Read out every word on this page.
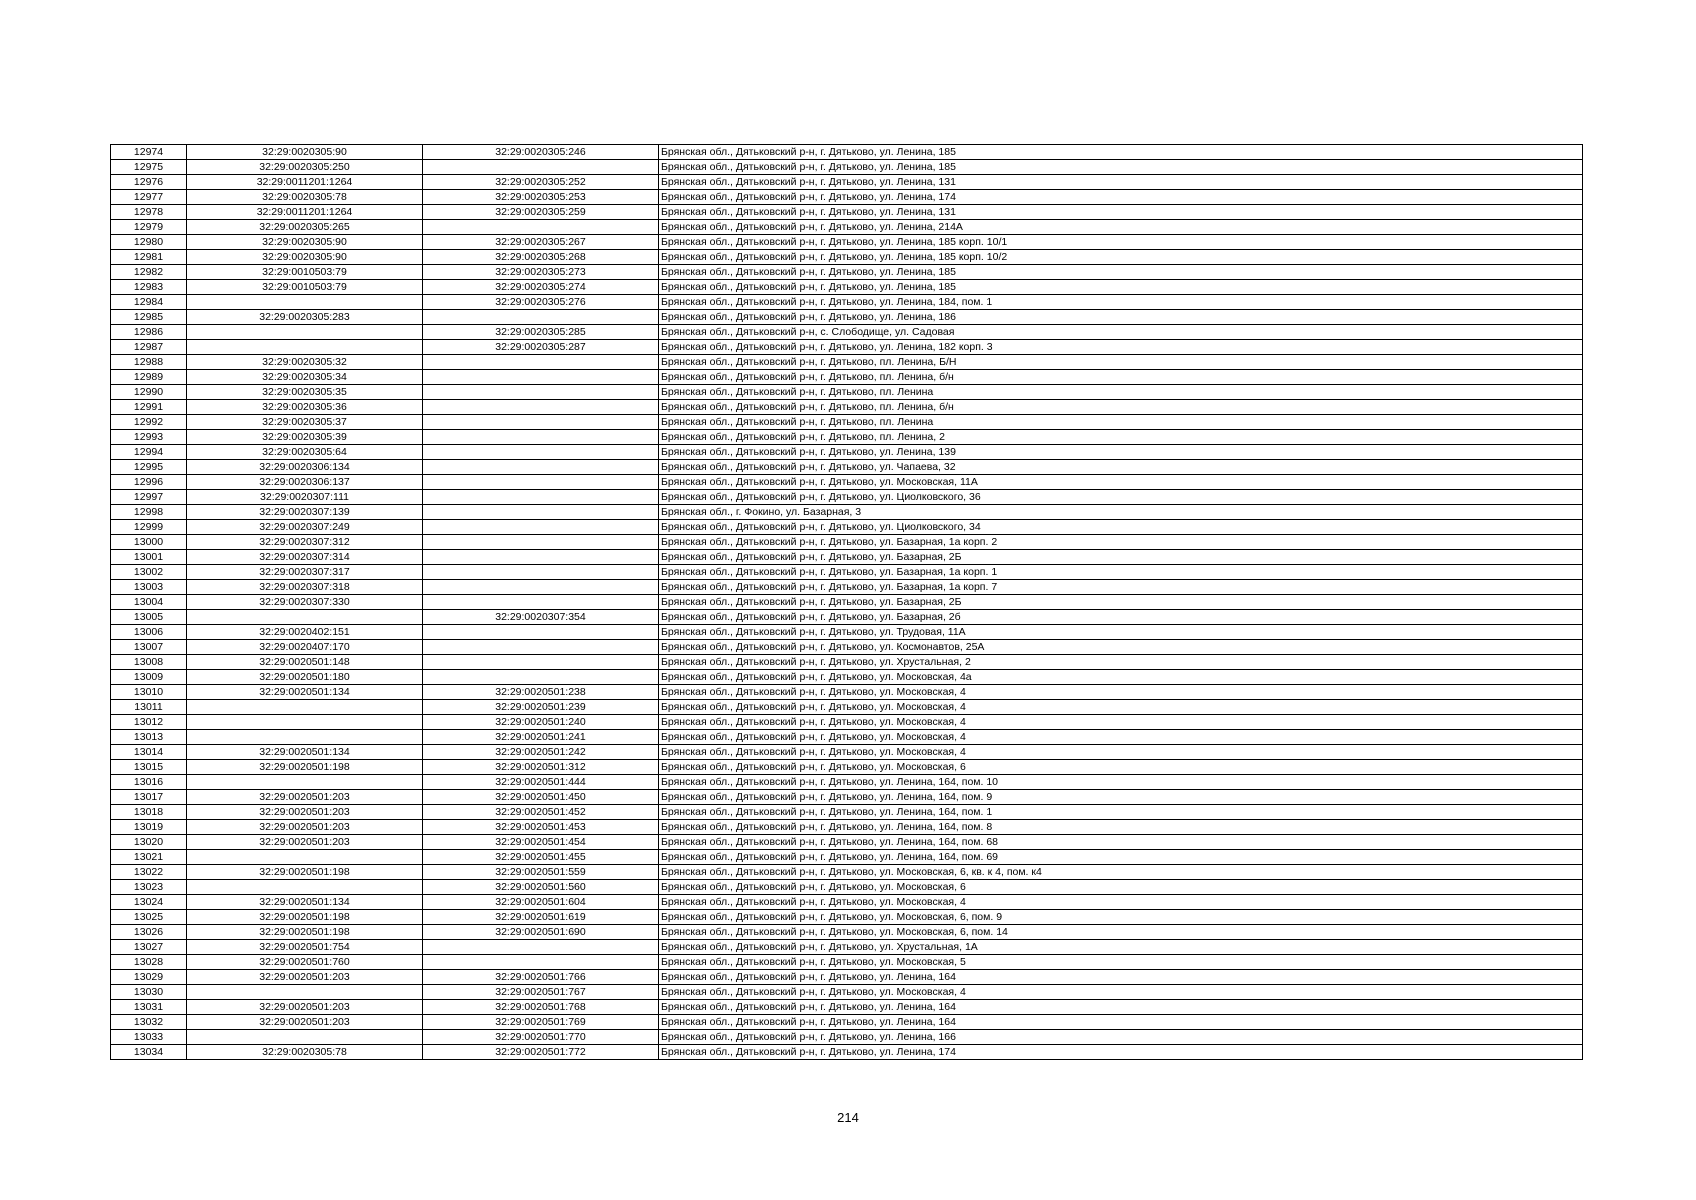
12974	32:29:0020305:90	32:29:0020305:246	Брянская обл., Дятьковский р-н, г. Дятьково, ул. Ленина, 185
12975	32:29:0020305:250		Брянская обл., Дятьковский р-н, г. Дятьково, ул. Ленина, 185
12976	32:29:0011201:1264	32:29:0020305:252	Брянская обл., Дятьковский р-н, г. Дятьково, ул. Ленина, 131
12977	32:29:0020305:78	32:29:0020305:253	Брянская обл., Дятьковский р-н, г. Дятьково, ул. Ленина, 174
12978	32:29:0011201:1264	32:29:0020305:259	Брянская обл., Дятьковский р-н, г. Дятьково, ул. Ленина, 131
12979	32:29:0020305:265		Брянская обл., Дятьковский р-н, г. Дятьково, ул. Ленина, 214А
12980	32:29:0020305:90	32:29:0020305:267	Брянская обл., Дятьковский р-н, г. Дятьково, ул. Ленина, 185 корп. 10/1
12981	32:29:0020305:90	32:29:0020305:268	Брянская обл., Дятьковский р-н, г. Дятьково, ул. Ленина, 185 корп. 10/2
12982	32:29:0010503:79	32:29:0020305:273	Брянская обл., Дятьковский р-н, г. Дятьково, ул. Ленина, 185
12983	32:29:0010503:79	32:29:0020305:274	Брянская обл., Дятьковский р-н, г. Дятьково, ул. Ленина, 185
12984		32:29:0020305:276	Брянская обл., Дятьковский р-н, г. Дятьково, ул. Ленина, 184, пом. 1
12985	32:29:0020305:283		Брянская обл., Дятьковский р-н, г. Дятьково, ул. Ленина, 186
12986		32:29:0020305:285	Брянская обл., Дятьковский р-н, с. Слободище, ул. Садовая
12987		32:29:0020305:287	Брянская обл., Дятьковский р-н, г. Дятьково, ул. Ленина, 182 корп. 3
12988	32:29:0020305:32		Брянская обл., Дятьковский р-н, г. Дятьково, пл. Ленина, Б/Н
12989	32:29:0020305:34		Брянская обл., Дятьковский р-н, г. Дятьково, пл. Ленина, б/н
12990	32:29:0020305:35		Брянская обл., Дятьковский р-н, г. Дятьково, пл. Ленина
12991	32:29:0020305:36		Брянская обл., Дятьковский р-н, г. Дятьково, пл. Ленина, б/н
12992	32:29:0020305:37		Брянская обл., Дятьковский р-н, г. Дятьково, пл. Ленина
12993	32:29:0020305:39		Брянская обл., Дятьковский р-н, г. Дятьково, пл. Ленина, 2
12994	32:29:0020305:64		Брянская обл., Дятьковский р-н, г. Дятьково, ул. Ленина, 139
12995	32:29:0020306:134		Брянская обл., Дятьковский р-н, г. Дятьково, ул. Чапаева, 32
12996	32:29:0020306:137		Брянская обл., Дятьковский р-н, г. Дятьково, ул. Московская, 11А
12997	32:29:0020307:111		Брянская обл., Дятьковский р-н, г. Дятьково, ул. Циолковского, 36
12998	32:29:0020307:139		Брянская обл., г. Фокино, ул. Базарная, 3
12999	32:29:0020307:249		Брянская обл., Дятьковский р-н, г. Дятьково, ул. Циолковского, 34
13000	32:29:0020307:312		Брянская обл., Дятьковский р-н, г. Дятьково, ул. Базарная, 1а корп. 2
13001	32:29:0020307:314		Брянская обл., Дятьковский р-н, г. Дятьково, ул. Базарная, 2Б
13002	32:29:0020307:317		Брянская обл., Дятьковский р-н, г. Дятьково, ул. Базарная, 1а корп. 1
13003	32:29:0020307:318		Брянская обл., Дятьковский р-н, г. Дятьково, ул. Базарная, 1а корп. 7
13004	32:29:0020307:330		Брянская обл., Дятьковский р-н, г. Дятьково, ул. Базарная, 2Б
13005		32:29:0020307:354	Брянская обл., Дятьковский р-н, г. Дятьково, ул. Базарная, 2б
13006	32:29:0020402:151		Брянская обл., Дятьковский р-н, г. Дятьково, ул. Трудовая, 11А
13007	32:29:0020407:170		Брянская обл., Дятьковский р-н, г. Дятьково, ул. Космонавтов, 25А
13008	32:29:0020501:148		Брянская обл., Дятьковский р-н, г. Дятьково, ул. Хрустальная, 2
13009	32:29:0020501:180		Брянская обл., Дятьковский р-н, г. Дятьково, ул. Московская, 4а
13010	32:29:0020501:134	32:29:0020501:238	Брянская обл., Дятьковский р-н, г. Дятьково, ул. Московская, 4
13011		32:29:0020501:239	Брянская обл., Дятьковский р-н, г. Дятьково, ул. Московская, 4
13012		32:29:0020501:240	Брянская обл., Дятьковский р-н, г. Дятьково, ул. Московская, 4
13013		32:29:0020501:241	Брянская обл., Дятьковский р-н, г. Дятьково, ул. Московская, 4
13014	32:29:0020501:134	32:29:0020501:242	Брянская обл., Дятьковский р-н, г. Дятьково, ул. Московская, 4
13015	32:29:0020501:198	32:29:0020501:312	Брянская обл., Дятьковский р-н, г. Дятьково, ул. Московская, 6
13016		32:29:0020501:444	Брянская обл., Дятьковский р-н, г. Дятьково, ул. Ленина, 164, пом. 10
13017	32:29:0020501:203	32:29:0020501:450	Брянская обл., Дятьковский р-н, г. Дятьково, ул. Ленина, 164, пом. 9
13018	32:29:0020501:203	32:29:0020501:452	Брянская обл., Дятьковский р-н, г. Дятьково, ул. Ленина, 164, пом. 1
13019	32:29:0020501:203	32:29:0020501:453	Брянская обл., Дятьковский р-н, г. Дятьково, ул. Ленина, 164, пом. 8
13020	32:29:0020501:203	32:29:0020501:454	Брянская обл., Дятьковский р-н, г. Дятьково, ул. Ленина, 164, пом. 68
13021		32:29:0020501:455	Брянская обл., Дятьковский р-н, г. Дятьково, ул. Ленина, 164, пом. 69
13022	32:29:0020501:198	32:29:0020501:559	Брянская обл., Дятьковский р-н, г. Дятьково, ул. Московская, 6, кв. к 4, пом. к4
13023		32:29:0020501:560	Брянская обл., Дятьковский р-н, г. Дятьково, ул. Московская, 6
13024	32:29:0020501:134	32:29:0020501:604	Брянская обл., Дятьковский р-н, г. Дятьково, ул. Московская, 4
13025	32:29:0020501:198	32:29:0020501:619	Брянская обл., Дятьковский р-н, г. Дятьково, ул. Московская, 6, пом. 9
13026	32:29:0020501:198	32:29:0020501:690	Брянская обл., Дятьковский р-н, г. Дятьково, ул. Московская, 6, пом. 14
13027	32:29:0020501:754		Брянская обл., Дятьковский р-н, г. Дятьково, ул. Хрустальная, 1А
13028	32:29:0020501:760		Брянская обл., Дятьковский р-н, г. Дятьково, ул. Московская, 5
13029	32:29:0020501:203	32:29:0020501:766	Брянская обл., Дятьковский р-н, г. Дятьково, ул. Ленина, 164
13030		32:29:0020501:767	Брянская обл., Дятьковский р-н, г. Дятьково, ул. Московская, 4
13031	32:29:0020501:203	32:29:0020501:768	Брянская обл., Дятьковский р-н, г. Дятьково, ул. Ленина, 164
13032	32:29:0020501:203	32:29:0020501:769	Брянская обл., Дятьковский р-н, г. Дятьково, ул. Ленина, 164
13033		32:29:0020501:770	Брянская обл., Дятьковский р-н, г. Дятьково, ул. Ленина, 166
13034	32:29:0020305:78	32:29:0020501:772	Брянская обл., Дятьковский р-н, г. Дятьково, ул. Ленина, 174
214
